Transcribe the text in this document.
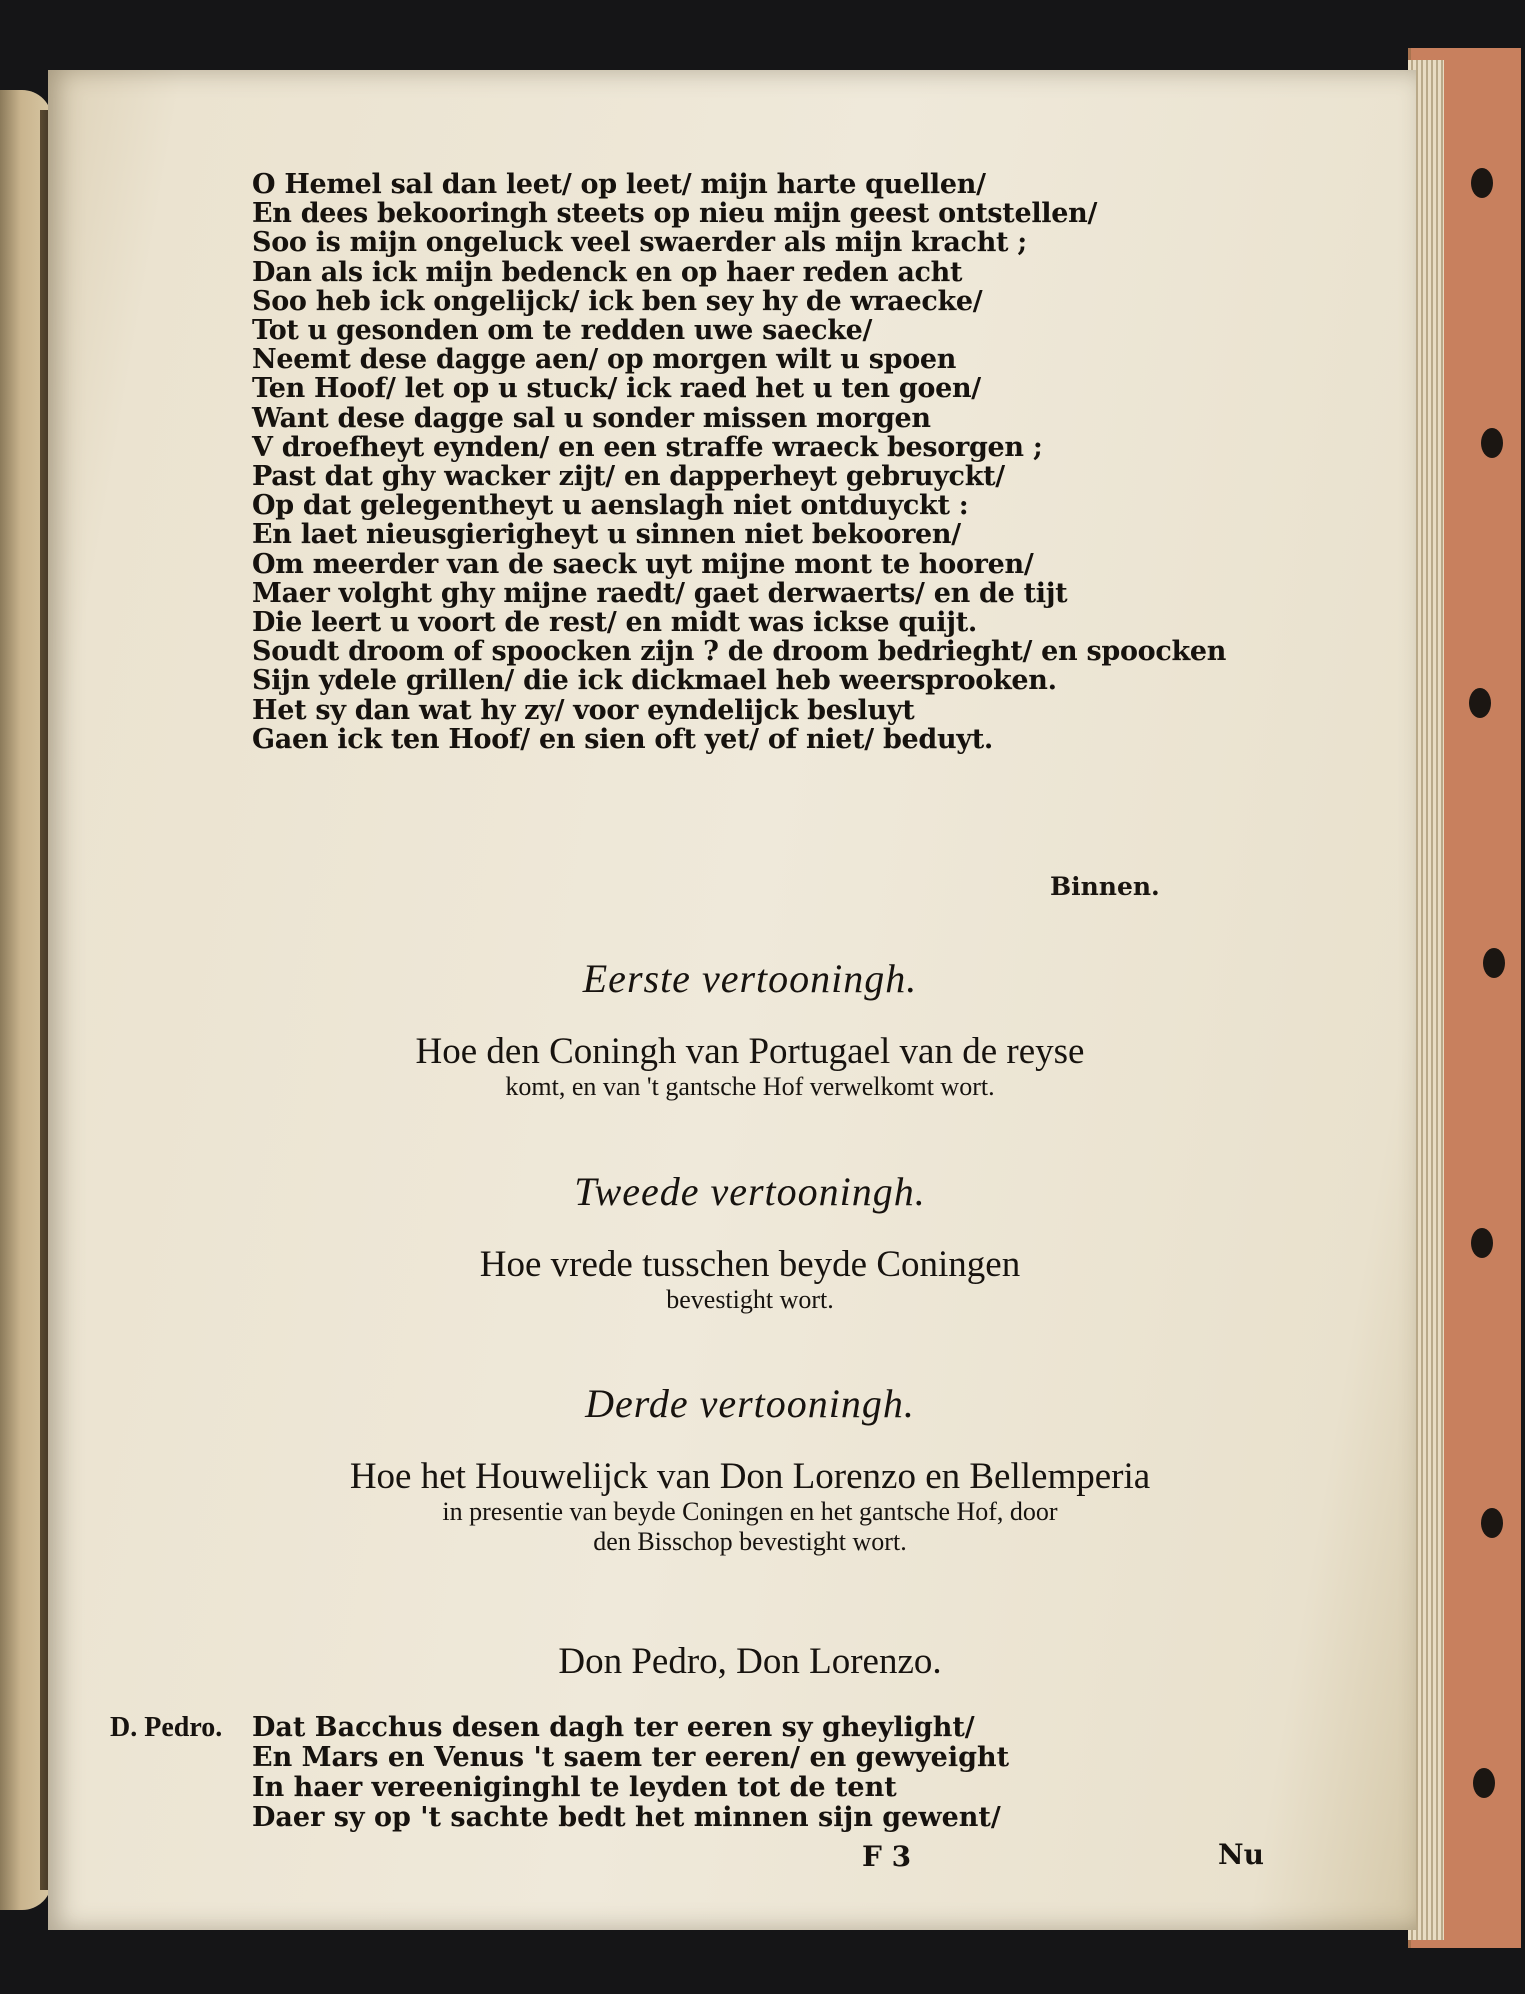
O Hemel sal dan leet/ op leet/ mijn harte quellen/
En dees bekooringh steets op nieu mijn geest ontstellen/
Soo is mijn ongeluck veel swaerder als mijn kracht ;
Dan als ick mijn bedenck en op haer reden acht
Soo heb ick ongelijck/ ick ben sey hy de wraecke/
Tot u gesonden om te redden uwe saecke/
Neemt dese dagge aen/ op morgen wilt u spoen
Ten Hoof/ let op u stuck/ ick raed het u ten goen/
Want dese dagge sal u sonder missen morgen
V droefheyt eynden/ en een straffe wraeck besorgen ;
Past dat ghy wacker zijt/ en dapperheyt gebruyckt/
Op dat gelegentheyt u aenslagh niet ontduyckt :
En laet nieusgierigheyt u sinnen niet bekooren/
Om meerder van de saeck uyt mijne mont te hooren/
Maer volght ghy mijne raedt/ gaet derwaerts/ en de tijt
Die leert u voort de rest/ en midt was ickse quijt.
Soudt droom of spoocken zijn ? de droom bedrieght/ en spoocken
Sijn ydele grillen/ die ick dickmael heb weersprooken.
Het sy dan wat hy zy/ voor eyndelijck besluyt
Gaen ick ten Hoof/ en sien oft yet/ of niet/ beduyt.
Binnen.
Eerste vertooningh.
Hoe den Coningh van Portugael van de reyse
komt, en van 't gantsche Hof verwelkomt wort.
Tweede vertooningh.
Hoe vrede tusschen beyde Coningen
bevestight wort.
Derde vertooningh.
Hoe het Houwelijck van Don Lorenzo en Bellemperia
in presentie van beyde Coningen en het gantsche Hof, door
den Bisschop bevestight wort.
Don Pedro, Don Lorenzo.
D. Pedro. Dat Bacchus desen dagh ter eeren sy gheylight/
En Mars en Venus 't saem ter eeren/ en gewyeight
In haer vereeniginghl te leyden tot de tent
Daer sy op 't sachte bedt het minnen sijn gewent/
F 3	Nu
